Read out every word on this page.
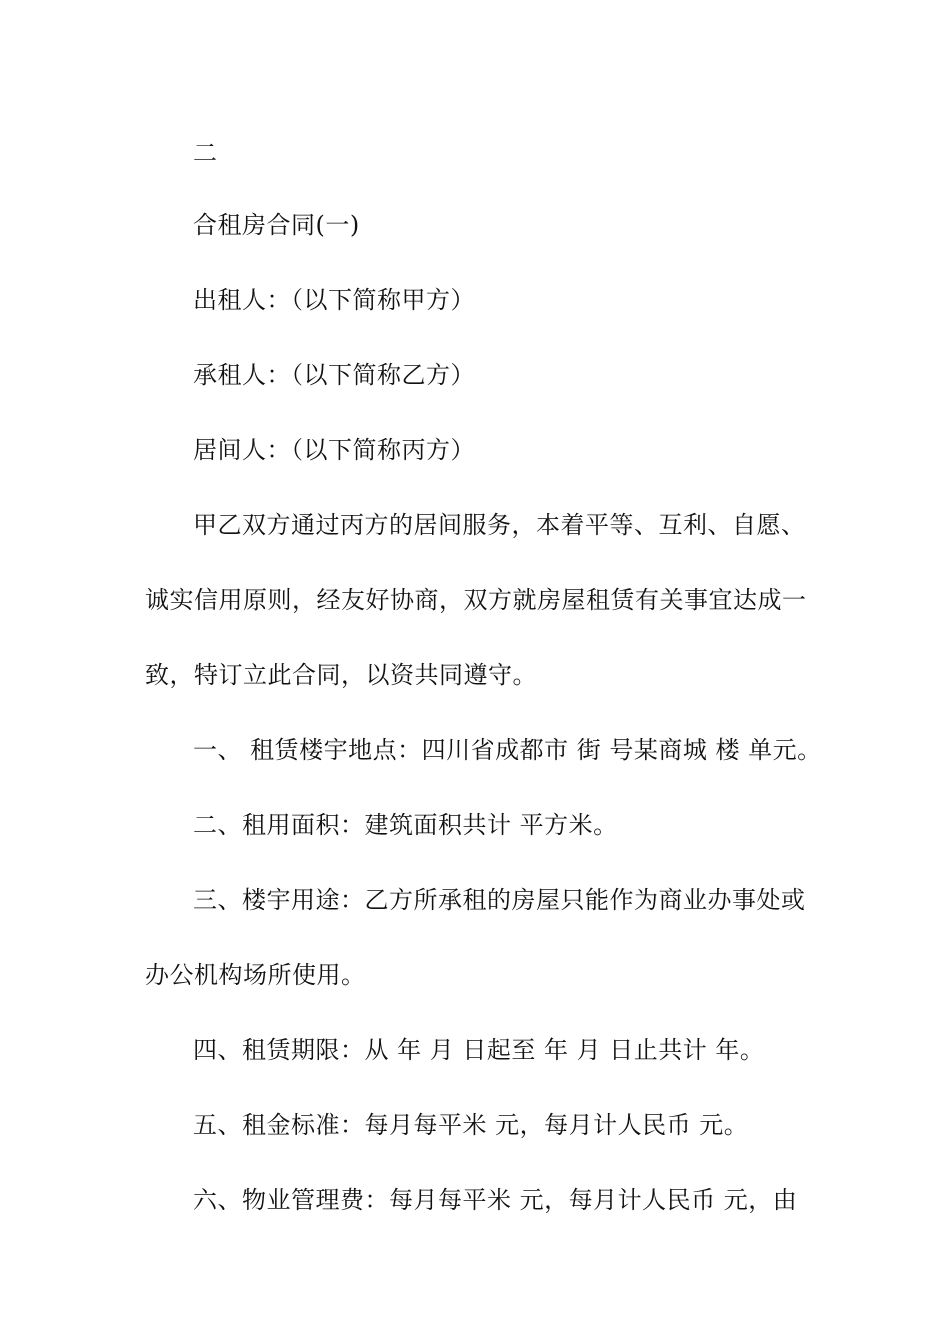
二
合租房合同(一)
出租人：（以下简称甲方）
承租人：（以下简称乙方）
居间人：（以下简称丙方）
甲乙双方通过丙方的居间服务，本着平等、互利、自愿、
诚实信用原则，经友好协商，双方就房屋租赁有关事宜达成一
致，特订立此合同，以资共同遵守。
一、 租赁楼宇地点：四川省成都市 街 号某商城 楼 单元。
二、租用面积：建筑面积共计 平方米。
三、楼宇用途：乙方所承租的房屋只能作为商业办事处或
办公机构场所使用。
四、租赁期限：从 年 月 日起至 年 月 日止共计 年。
五、租金标准：每月每平米 元，每月计人民币 元。
六、物业管理费：每月每平米 元，每月计人民币 元，由
